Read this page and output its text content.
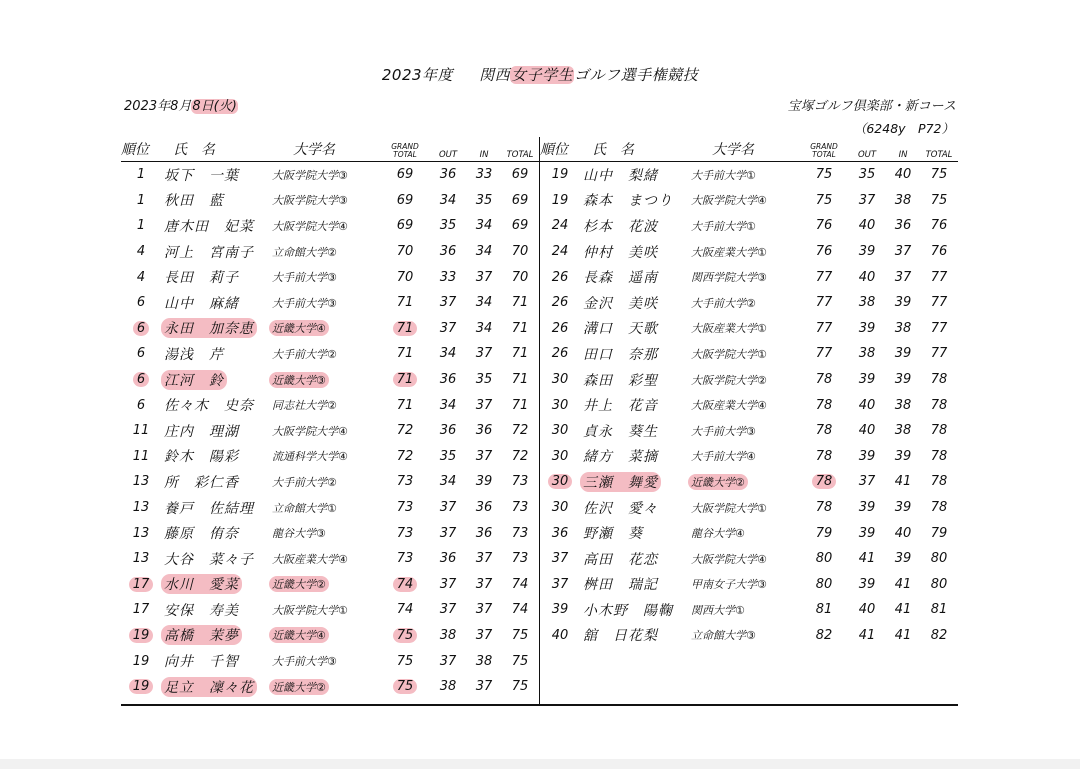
2023年度 関西女子学生ゴルフ選手権競技
2023年8月8日(火)	宝塚ゴルフ倶楽部・新コース
（6248y　P72）
順位	氏　名	大学名	GRAND
TOTAL	OUT	IN	TOTAL
1	坂下　一葉	大阪学院大学③	69	36	33	69
1	秋田　藍	大阪学院大学③	69	34	35	69
1	唐木田　妃菜	大阪学院大学④	69	35	34	69
4	河上　宮南子	立命館大学②	70	36	34	70
4	長田　莉子	大手前大学③	70	33	37	70
6	山中　麻緒	大手前大学③	71	37	34	71
6	永田　加奈恵	近畿大学④	71	37	34	71
6	湯浅　芹	大手前大学②	71	34	37	71
6	江河　鈴	近畿大学③	71	36	35	71
6	佐々木　史奈	同志社大学②	71	34	37	71
11	庄内　理湖	大阪学院大学④	72	36	36	72
11	鈴木　陽彩	流通科学大学④	72	35	37	72
13	所　彩仁香	大手前大学②	73	34	39	73
13	養戸　佐結理	立命館大学①	73	37	36	73
13	藤原　侑奈	龍谷大学③	73	37	36	73
13	大谷　菜々子	大阪産業大学④	73	36	37	73
17	水川　愛菜	近畿大学②	74	37	37	74
17	安保　寿美	大阪学院大学①	74	37	37	74
19	高橋　茉夢	近畿大学④	75	38	37	75
19	向井　千智	大手前大学③	75	37	38	75
19	足立　凜々花	近畿大学②	75	38	37	75
順位	氏　名	大学名	GRAND
TOTAL	OUT	IN	TOTAL
19	山中　梨緒	大手前大学①	75	35	40	75
19	森本　まつり	大阪学院大学④	75	37	38	75
24	杉本　花波	大手前大学①	76	40	36	76
24	仲村　美咲	大阪産業大学①	76	39	37	76
26	長森　遥南	関西学院大学③	77	40	37	77
26	金沢　美咲	大手前大学②	77	38	39	77
26	溝口　天歌	大阪産業大学①	77	39	38	77
26	田口　奈那	大阪学院大学①	77	38	39	77
30	森田　彩聖	大阪学院大学②	78	39	39	78
30	井上　花音	大阪産業大学④	78	40	38	78
30	貞永　葵生	大手前大学③	78	40	38	78
30	緒方　菜摘	大手前大学④	78	39	39	78
30	三瀬　舞愛	近畿大学②	78	37	41	78
30	佐沢　愛々	大阪学院大学①	78	39	39	78
36	野瀬　葵	龍谷大学④	79	39	40	79
37	高田　花恋	大阪学院大学④	80	41	39	80
37	桝田　瑞記	甲南女子大学③	80	39	41	80
39	小木野　陽鞠	関西大学①	81	40	41	81
40	舘　日花梨	立命館大学③	82	41	41	82
